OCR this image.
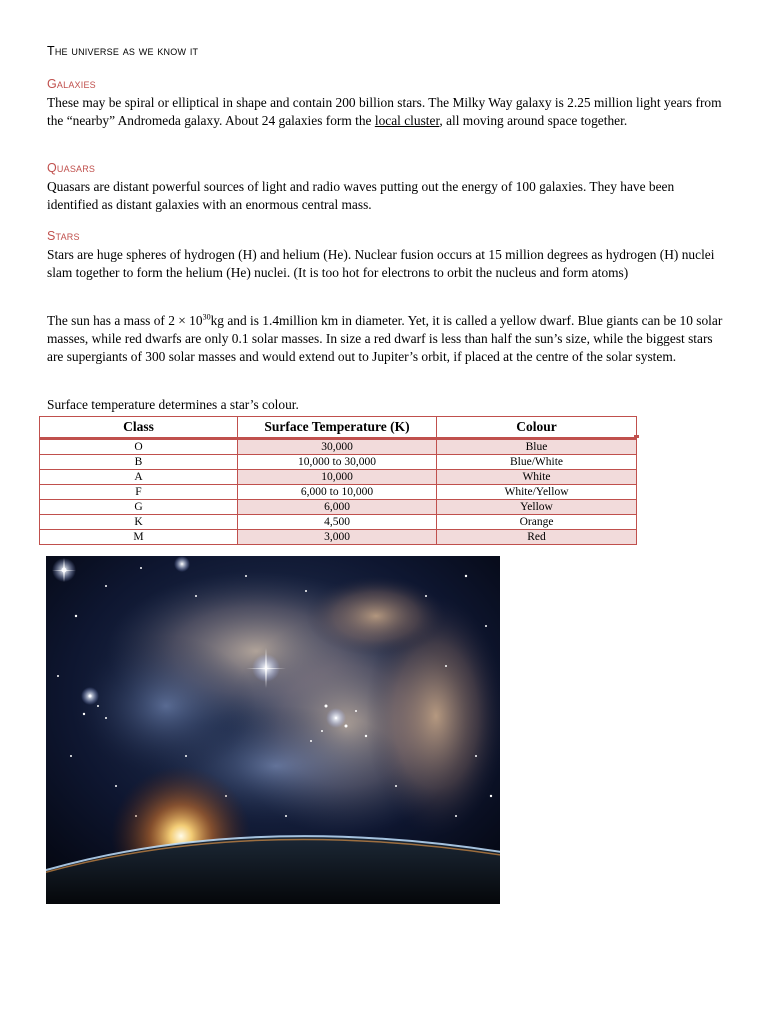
The universe as we know it
Galaxies
These may be spiral or elliptical in shape and contain 200 billion stars. The Milky Way galaxy is 2.25 million light years from the “nearby” Andromeda galaxy. About 24 galaxies form the local cluster, all moving around space together.
Quasars
Quasars are distant powerful sources of light and radio waves putting out the energy of 100 galaxies. They have been identified as distant galaxies with an enormous central mass.
Stars
Stars are huge spheres of hydrogen (H) and helium (He). Nuclear fusion occurs at 15 million degrees as hydrogen (H) nuclei slam together to form the helium (He) nuclei. (It is too hot for electrons to orbit the nucleus and form atoms)
The sun has a mass of $2 \times 10^{30}kg$ and is 1.4million km in diameter. Yet, it is called a yellow dwarf. Blue giants can be 10 solar masses, while red dwarfs are only 0.1 solar masses. In size a red dwarf is less than half the sun’s size, while the biggest stars are supergiants of 300 solar masses and would extend out to Jupiter’s orbit, if placed at the centre of the solar system.
Surface temperature determines a star’s colour.
Class	Surface Temperature (K)	Colour
O	30,000	Blue
B	10,000 to 30,000	Blue/White
A	10,000	White
F	6,000 to 10,000	White/Yellow
G	6,000	Yellow
K	4,500	Orange
M	3,000	Red
